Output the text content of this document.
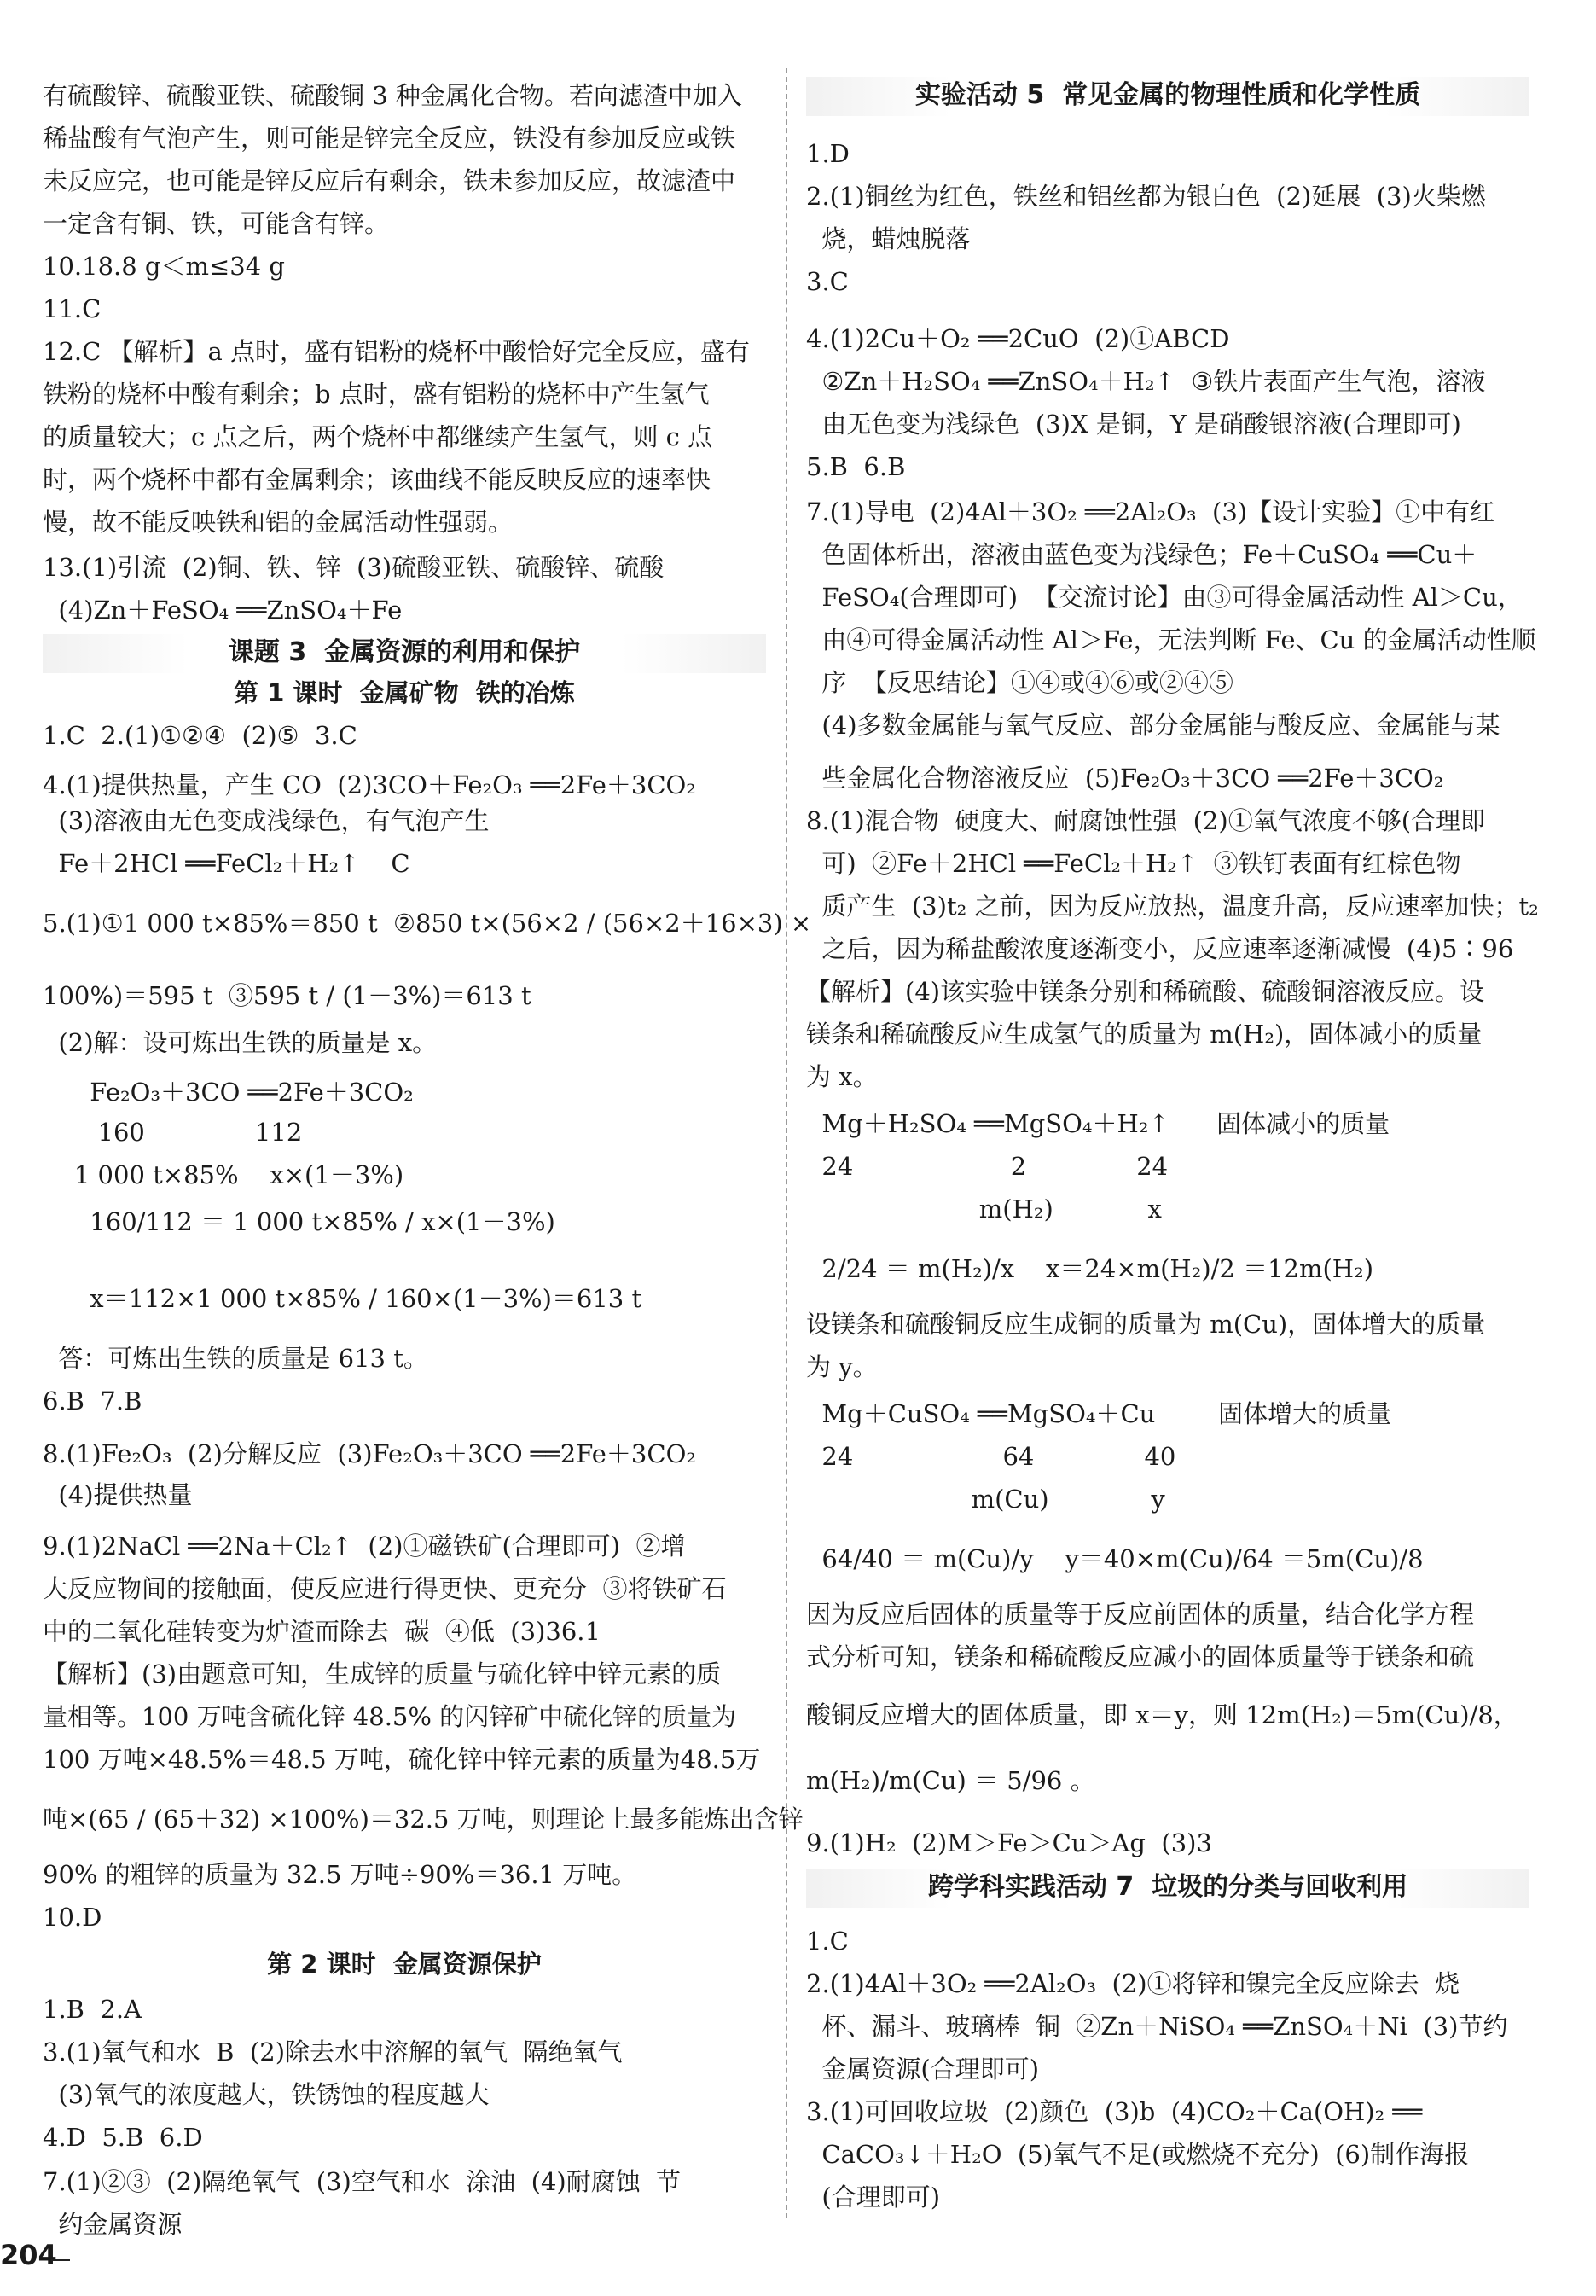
有硫酸锌、硫酸亚铁、硫酸铜 3 种金属化合物。若向滤渣中加入
稀盐酸有气泡产生，则可能是锌完全反应，铁没有参加反应或铁
未反应完，也可能是锌反应后有剩余，铁未参加反应，故滤渣中
一定含有铜、铁，可能含有锌。
10.18.8 g＜m≤34 g
11.C
12.C 【解析】a 点时，盛有铝粉的烧杯中酸恰好完全反应，盛有
铁粉的烧杯中酸有剩余；b 点时，盛有铝粉的烧杯中产生氢气
的质量较大；c 点之后，两个烧杯中都继续产生氢气，则 c 点
时，两个烧杯中都有金属剩余；该曲线不能反映反应的速率快
慢，故不能反映铁和铝的金属活动性强弱。
13.(1)引流  (2)铜、铁、锌  (3)硫酸亚铁、硫酸锌、硫酸
(4)Zn＋FeSO₄ ══ZnSO₄＋Fe
课题 3  金属资源的利用和保护
第 1 课时  金属矿物  铁的冶炼
1.C  2.(1)①②④  (2)⑤  3.C
4.(1)提供热量，产生 CO  (2)3CO＋Fe₂O₃ ══2Fe＋3CO₂
(3)溶液由无色变成浅绿色，有气泡产生
Fe＋2HCl ══FeCl₂＋H₂↑    C
5.(1)①1 000 t×85%＝850 t  ②850 t×(56×2 / (56×2＋16×3) ×
100%)＝595 t  ③595 t / (1－3%)＝613 t
(2)解：设可炼出生铁的质量是 x。
Fe₂O₃＋3CO ══2Fe＋3CO₂
160              112
1 000 t×85%    x×(1－3%)
160/112 ＝ 1 000 t×85% / x×(1－3%)
x＝112×1 000 t×85% / 160×(1－3%)＝613 t
答：可炼出生铁的质量是 613 t。
6.B  7.B
8.(1)Fe₂O₃  (2)分解反应  (3)Fe₂O₃＋3CO ══2Fe＋3CO₂
(4)提供热量
9.(1)2NaCl ══2Na＋Cl₂↑  (2)①磁铁矿(合理即可)  ②增
大反应物间的接触面，使反应进行得更快、更充分  ③将铁矿石
中的二氧化硅转变为炉渣而除去  碳  ④低  (3)36.1
【解析】(3)由题意可知，生成锌的质量与硫化锌中锌元素的质
量相等。100 万吨含硫化锌 48.5% 的闪锌矿中硫化锌的质量为
100 万吨×48.5%＝48.5 万吨，硫化锌中锌元素的质量为48.5万
吨×(65 / (65＋32) ×100%)＝32.5 万吨，则理论上最多能炼出含锌
90% 的粗锌的质量为 32.5 万吨÷90%＝36.1 万吨。
10.D
第 2 课时  金属资源保护
1.B  2.A
3.(1)氧气和水  B  (2)除去水中溶解的氧气  隔绝氧气
(3)氧气的浓度越大，铁锈蚀的程度越大
4.D  5.B  6.D
7.(1)②③  (2)隔绝氧气  (3)空气和水  涂油  (4)耐腐蚀  节
约金属资源
实验活动 5  常见金属的物理性质和化学性质
1.D
2.(1)铜丝为红色，铁丝和铝丝都为银白色  (2)延展  (3)火柴燃
烧，蜡烛脱落
3.C
4.(1)2Cu＋O₂ ══2CuO  (2)①ABCD
②Zn＋H₂SO₄ ══ZnSO₄＋H₂↑  ③铁片表面产生气泡，溶液
由无色变为浅绿色  (3)X 是铜，Y 是硝酸银溶液(合理即可)
5.B  6.B
7.(1)导电  (2)4Al＋3O₂ ══2Al₂O₃  (3)【设计实验】①中有红
色固体析出，溶液由蓝色变为浅绿色；Fe＋CuSO₄ ══Cu＋
FeSO₄(合理即可)  【交流讨论】由③可得金属活动性 Al＞Cu，
由④可得金属活动性 Al＞Fe，无法判断 Fe、Cu 的金属活动性顺
序  【反思结论】①④或④⑥或②④⑤
(4)多数金属能与氧气反应、部分金属能与酸反应、金属能与某
些金属化合物溶液反应  (5)Fe₂O₃＋3CO ══2Fe＋3CO₂
8.(1)混合物  硬度大、耐腐蚀性强  (2)①氧气浓度不够(合理即
可)  ②Fe＋2HCl ══FeCl₂＋H₂↑  ③铁钉表面有红棕色物
质产生  (3)t₂ 之前，因为反应放热，温度升高，反应速率加快；t₂
之后，因为稀盐酸浓度逐渐变小，反应速率逐渐减慢  (4)5∶96
【解析】(4)该实验中镁条分别和稀硫酸、硫酸铜溶液反应。设
镁条和稀硫酸反应生成氢气的质量为 m(H₂)，固体减小的质量
为 x。
Mg＋H₂SO₄ ══MgSO₄＋H₂↑      固体减小的质量
24                    2              24
m(H₂)            x
2/24 ＝ m(H₂)/x    x＝24×m(H₂)/2 ＝12m(H₂)
设镁条和硫酸铜反应生成铜的质量为 m(Cu)，固体增大的质量
为 y。
Mg＋CuSO₄ ══MgSO₄＋Cu        固体增大的质量
24                   64              40
m(Cu)             y
64/40 ＝ m(Cu)/y    y＝40×m(Cu)/64 ＝5m(Cu)/8
因为反应后固体的质量等于反应前固体的质量，结合化学方程
式分析可知，镁条和稀硫酸反应减小的固体质量等于镁条和硫
酸铜反应增大的固体质量，即 x＝y，则 12m(H₂)＝5m(Cu)/8，
m(H₂)/m(Cu) ＝ 5/96 。
9.(1)H₂  (2)M＞Fe＞Cu＞Ag  (3)3
跨学科实践活动 7  垃圾的分类与回收利用
1.C
2.(1)4Al＋3O₂ ══2Al₂O₃  (2)①将锌和镍完全反应除去  烧
杯、漏斗、玻璃棒  铜  ②Zn＋NiSO₄ ══ZnSO₄＋Ni  (3)节约
金属资源(合理即可)
3.(1)可回收垃圾  (2)颜色  (3)b  (4)CO₂＋Ca(OH)₂ ══
CaCO₃↓＋H₂O  (5)氧气不足(或燃烧不充分)  (6)制作海报
(合理即可)
204
